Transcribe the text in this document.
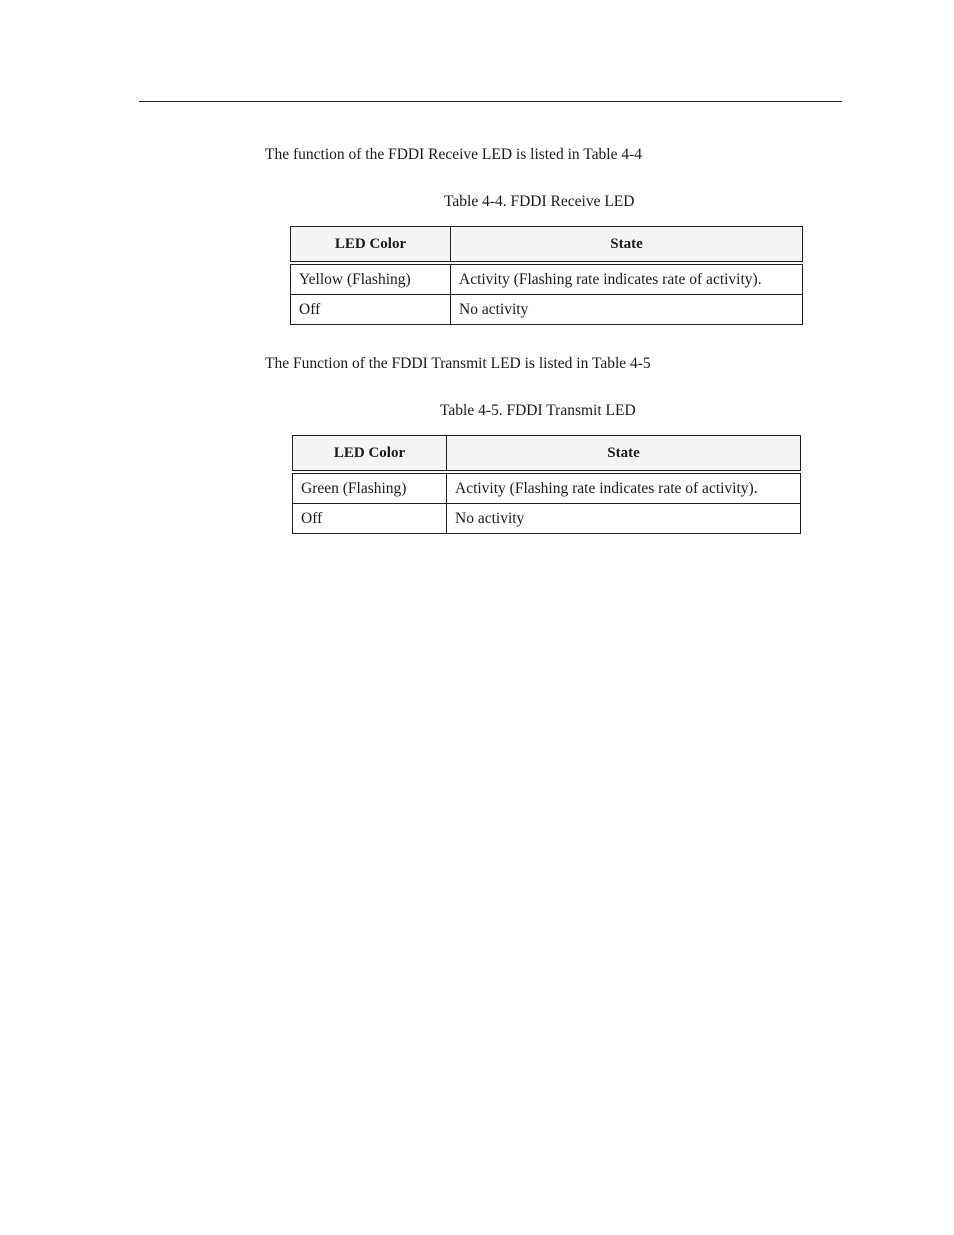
The function of the FDDI Receive LED is listed in Table 4-4
Table 4-4. FDDI Receive LED
LED Color	State
Yellow (Flashing)	Activity (Flashing rate indicates rate of activity).
Off	No activity
The Function of the FDDI Transmit LED is listed in Table 4-5
Table 4-5. FDDI Transmit LED
LED Color	State
Green (Flashing)	Activity (Flashing rate indicates rate of activity).
Off	No activity
